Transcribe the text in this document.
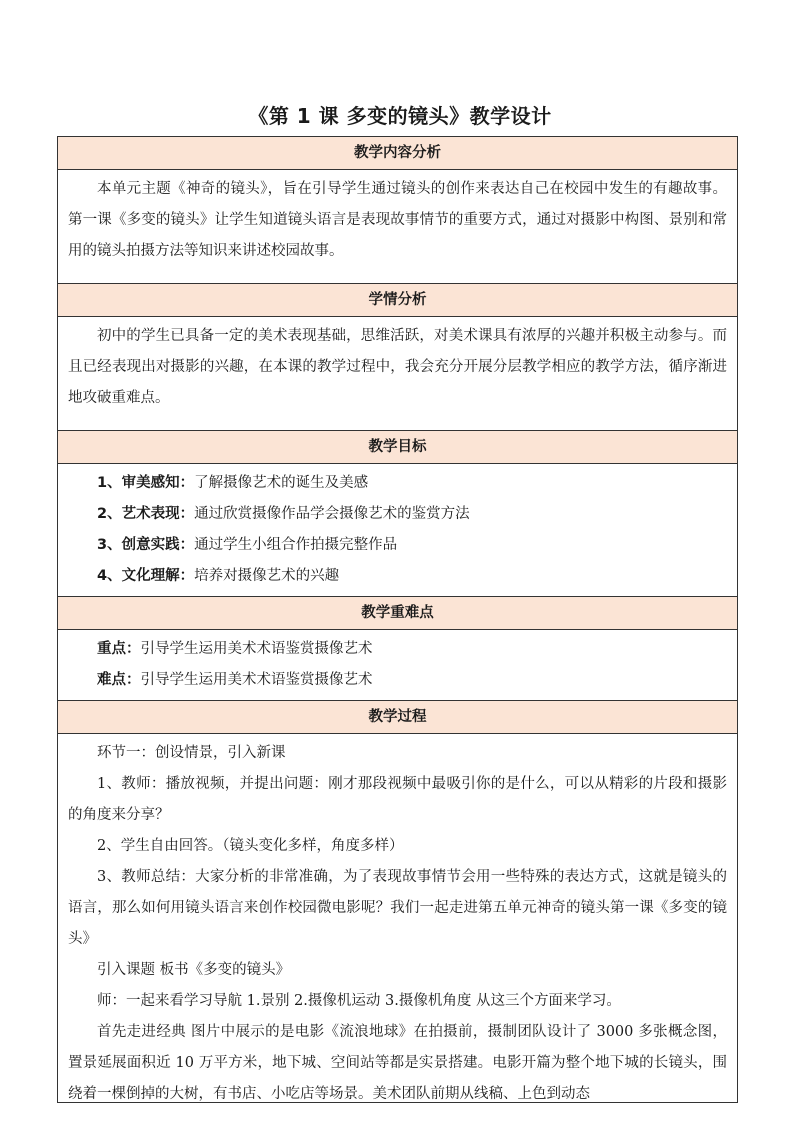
《第 1 课 多变的镜头》教学设计
教学内容分析

本单元主题《神奇的镜头》，旨在引导学生通过镜头的创作来表达自己在校园中发生的有趣故事。第一课《多变的镜头》让学生知道镜头语言是表现故事情节的重要方式，通过对摄影中构图、景别和常用的镜头拍摄方法等知识来讲述校园故事。

学情分析

初中的学生已具备一定的美术表现基础，思维活跃，对美术课具有浓厚的兴趣并积极主动参与。而且已经表现出对摄影的兴趣，在本课的教学过程中，我会充分开展分层教学相应的教学方法，循序渐进地攻破重难点。

教学目标

1、审美感知：了解摄像艺术的诞生及美感

2、艺术表现：通过欣赏摄像作品学会摄像艺术的鉴赏方法

3、创意实践：通过学生小组合作拍摄完整作品

4、文化理解：培养对摄像艺术的兴趣

教学重难点

重点：引导学生运用美术术语鉴赏摄像艺术

难点：引导学生运用美术术语鉴赏摄像艺术

教学过程

环节一：创设情景，引入新课

1、教师：播放视频，并提出问题：刚才那段视频中最吸引你的是什么，可以从精彩的片段和摄影的角度来分享？

2、学生自由回答。（镜头变化多样，角度多样）

3、教师总结：大家分析的非常准确，为了表现故事情节会用一些特殊的表达方式，这就是镜头的语言，那么如何用镜头语言来创作校园微电影呢？我们一起走进第五单元神奇的镜头第一课《多变的镜头》

引入课题 板书《多变的镜头》

师：一起来看学习导航 1.景别 2.摄像机运动 3.摄像机角度 从这三个方面来学习。

首先走进经典 图片中展示的是电影《流浪地球》在拍摄前，摄制团队设计了 3000 多张概念图，置景延展面积近 10 万平方米，地下城、空间站等都是实景搭建。电影开篇为整个地下城的长镜头，围绕着一棵倒掉的大树，有书店、小吃店等场景。美术团队前期从线稿、上色到动态
